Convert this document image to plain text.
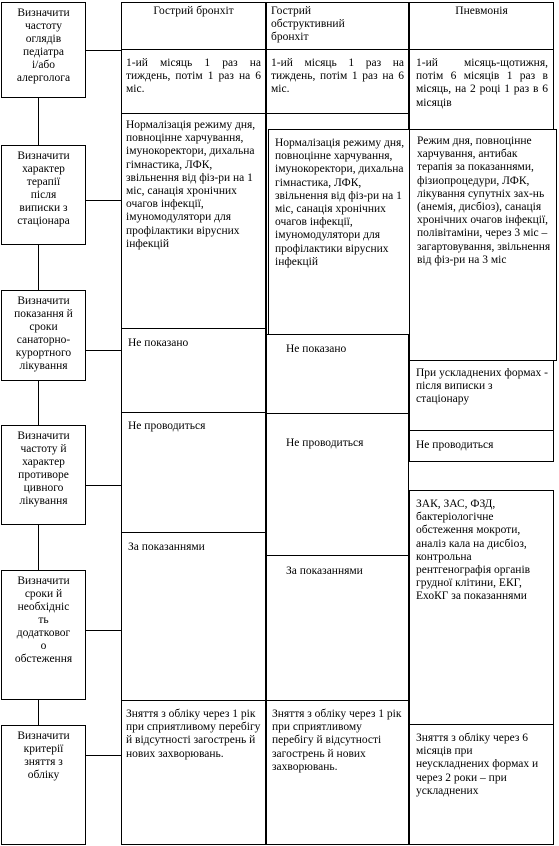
Визначити
частоту
оглядів
педіатра
і/або
алерголога
Визначити
характер
терапії
після
виписки з
стаціонара
Визначити
показання й
сроки
санаторно-
курортного
лікування
Визначити
частоту й
характер
противоре
цивного
лікування
Визначити
сроки й
необхідніс
ть
додатковог
о
обстеження
Визначити
критерії
зняття з
обліку
Гострий бронхіт
1-ий місяць 1 раз на тиждень, потім 1 раз на 6 міс.
Нормалізація режиму дня, повноцінне харчування, імунокоректори, дихальна гімнастика, ЛФК, звільнення від фіз-ри на 1 міс, санація хронічних очагов інфекції, імуномодулятори для профілактики вірусних інфекцій
Не показано
Не проводиться
За показаннями
Зняття з обліку через 1 рік при сприятливому перебігу й відсутності загострень й нових захворювань.
Гострий
обструктивний
бронхіт
1-ий місяць 1 раз на тиждень, потім 1 раз на 6 міс.
Нормалізація режиму дня, повноцінне харчування, імунокоректори, дихальна гімнастика, ЛФК, звільнення від фіз-ри на 1 міс, санація хронічних очагов інфекції, імуномодулятори для профілактики вірусних інфекцій
Не показано
Не проводиться
За показаннями
Зняття з обліку через 1 рік при сприятливому перебігу й відсутності загострень й нових захворювань.
Пневмонія
1-ий місяць-щотижня, потім 6 місяців 1 раз в місяць, на 2 році 1 раз в 6 місяців
Режим дня, повноцінне харчування, антибак терапія за показаннями, фізиопроцедури, ЛФК, лікування супутніх зах-нь (анемія, дисбіоз), санація хронічних очагов інфекції, полівітаміни, через 3 міс – загартовування, звільнення від фіз-ри на 3 міс
При ускладнених формах - після виписки з стаціонару
Не проводиться
ЗАК, ЗАС, ФЗД, бактеріологічне обстеження мокроти, аналіз кала на дисбіоз, контрольна рентгенографія органів грудної клітини, ЕКГ, ЕхоКГ за показаннями
Зняття з обліку через 6 місяців при неускладнених формах и через 2 роки – при ускладнених
